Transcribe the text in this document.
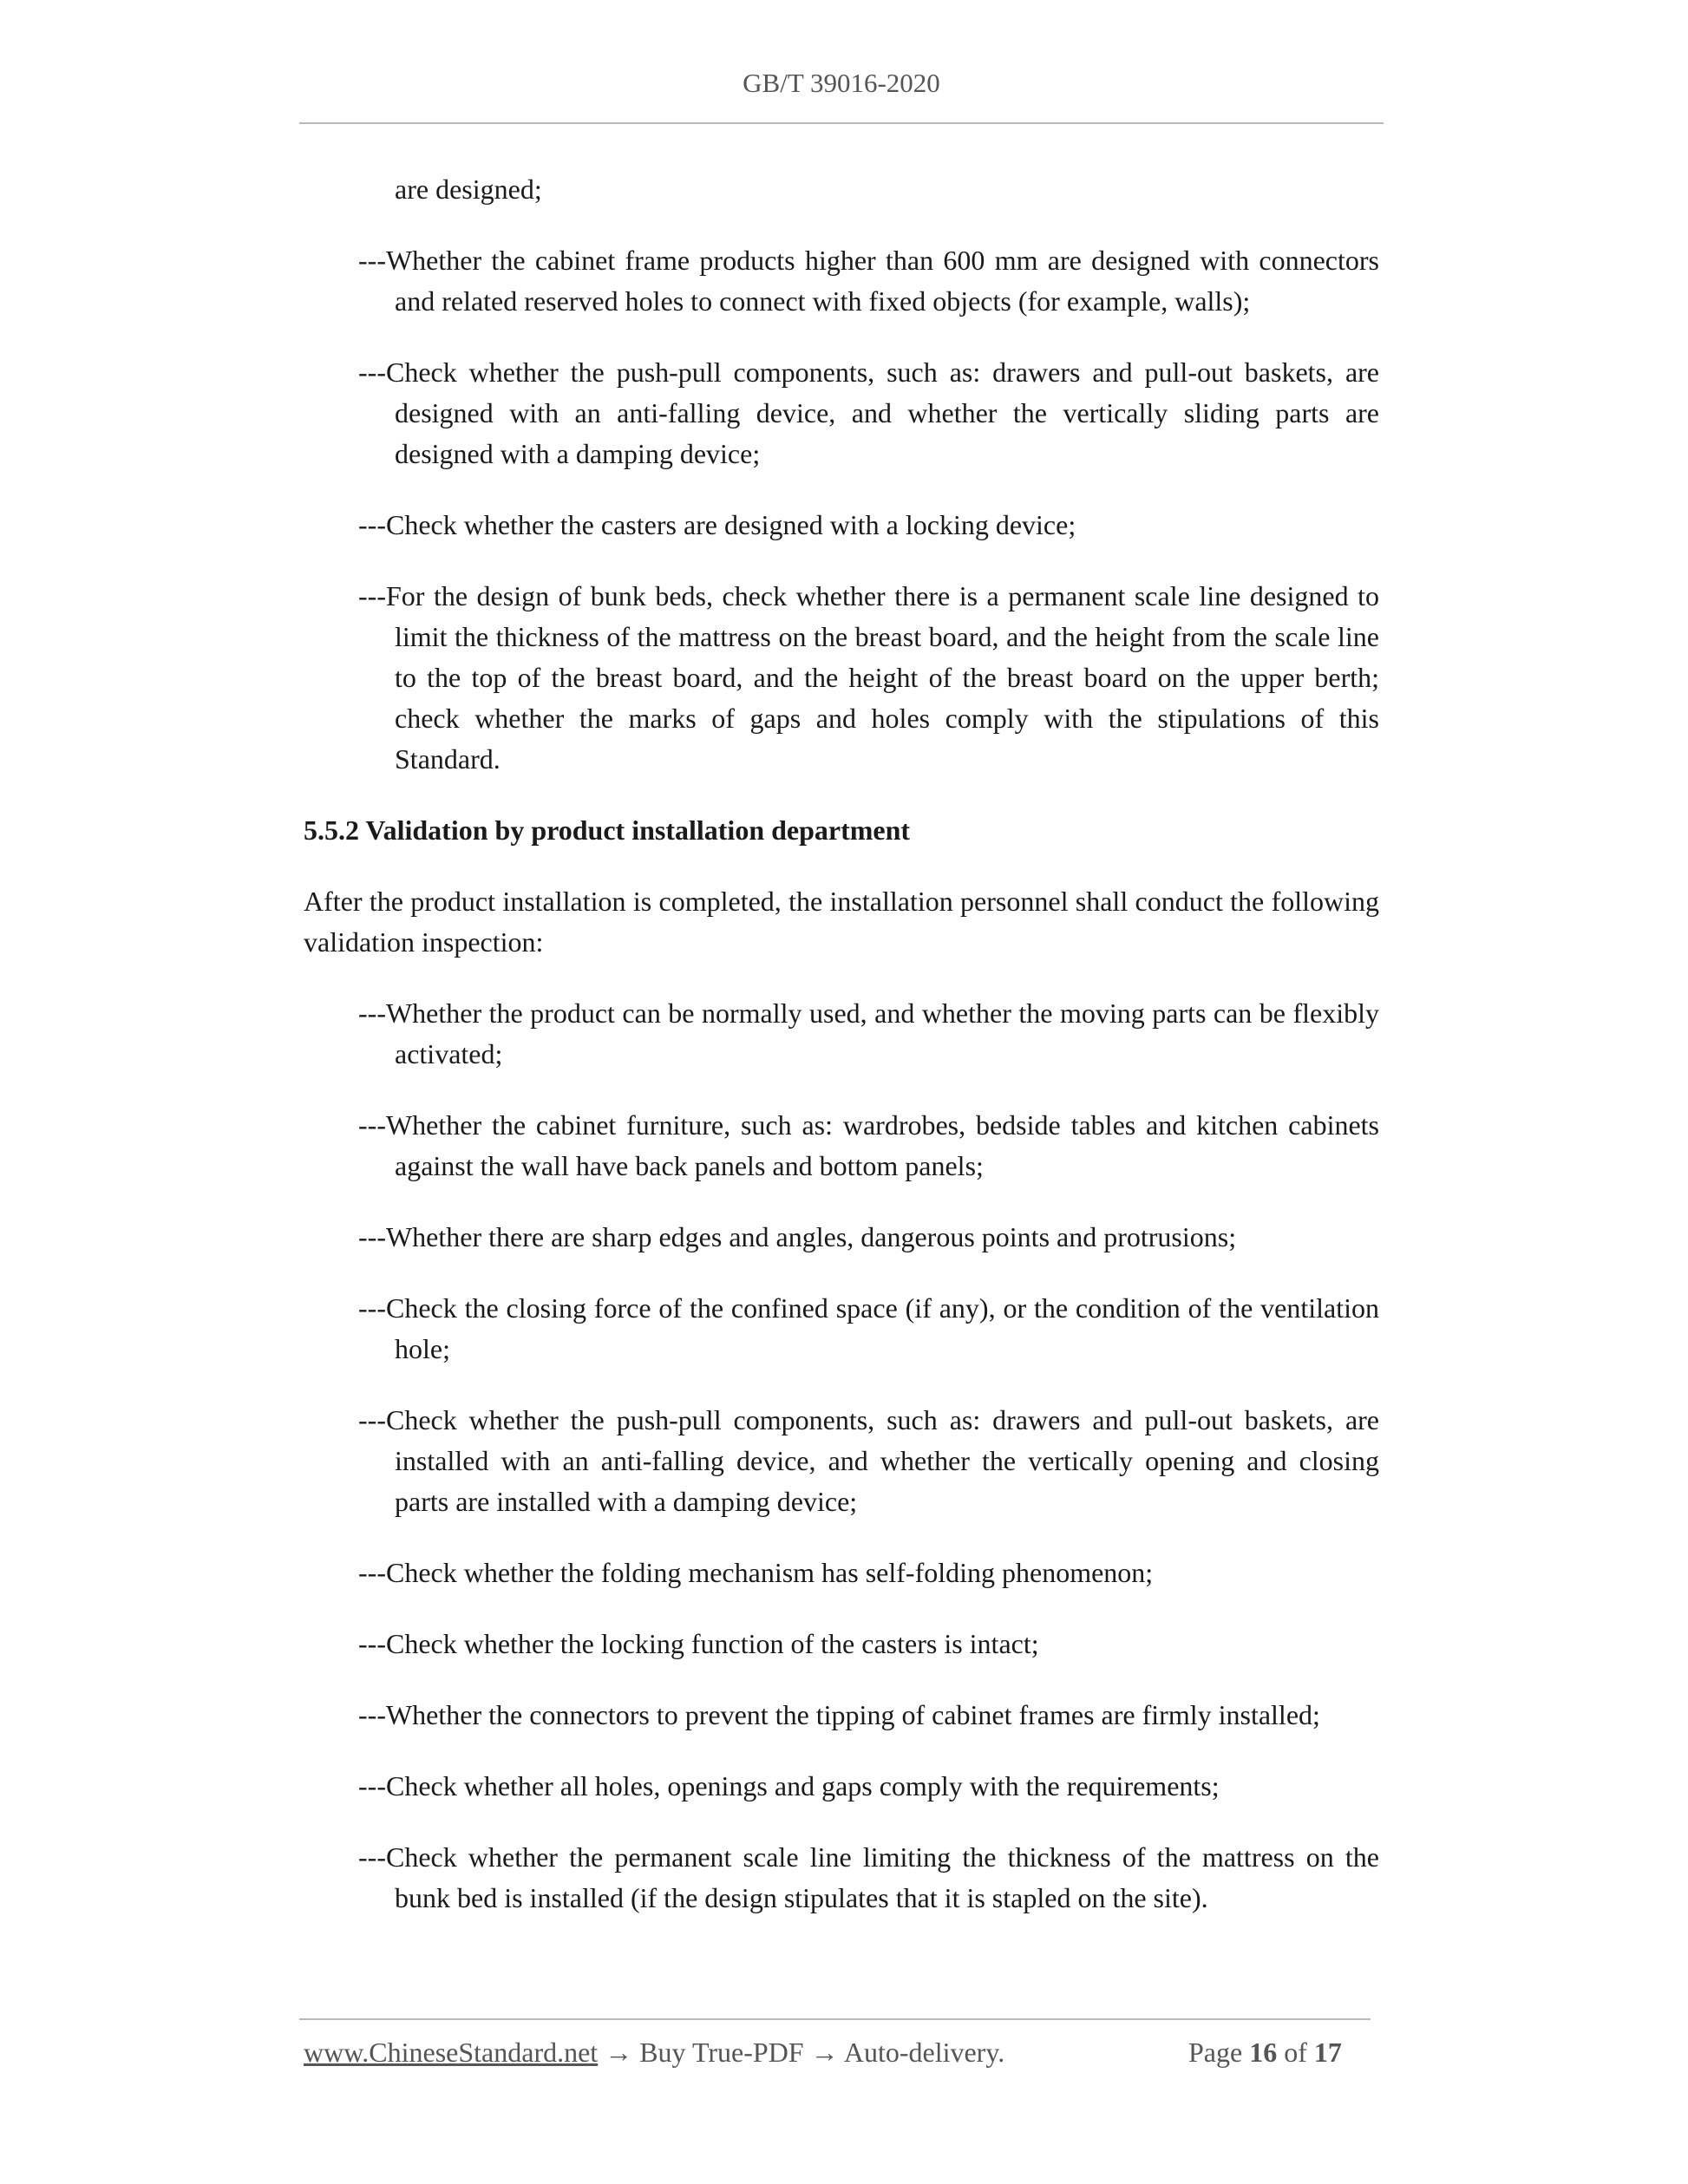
GB/T 39016-2020
are designed;
---Whether the cabinet frame products higher than 600 mm are designed with connectors and related reserved holes to connect with fixed objects (for example, walls);
---Check whether the push-pull components, such as: drawers and pull-out baskets, are designed with an anti-falling device, and whether the vertically sliding parts are designed with a damping device;
---Check whether the casters are designed with a locking device;
---For the design of bunk beds, check whether there is a permanent scale line designed to limit the thickness of the mattress on the breast board, and the height from the scale line to the top of the breast board, and the height of the breast board on the upper berth; check whether the marks of gaps and holes comply with the stipulations of this Standard.
5.5.2 Validation by product installation department
After the product installation is completed, the installation personnel shall conduct the following validation inspection:
---Whether the product can be normally used, and whether the moving parts can be flexibly activated;
---Whether the cabinet furniture, such as: wardrobes, bedside tables and kitchen cabinets against the wall have back panels and bottom panels;
---Whether there are sharp edges and angles, dangerous points and protrusions;
---Check the closing force of the confined space (if any), or the condition of the ventilation hole;
---Check whether the push-pull components, such as: drawers and pull-out baskets, are installed with an anti-falling device, and whether the vertically opening and closing parts are installed with a damping device;
---Check whether the folding mechanism has self-folding phenomenon;
---Check whether the locking function of the casters is intact;
---Whether the connectors to prevent the tipping of cabinet frames are firmly installed;
---Check whether all holes, openings and gaps comply with the requirements;
---Check whether the permanent scale line limiting the thickness of the mattress on the bunk bed is installed (if the design stipulates that it is stapled on the site).
www.ChineseStandard.net → Buy True-PDF → Auto-delivery.	Page 16 of 17
